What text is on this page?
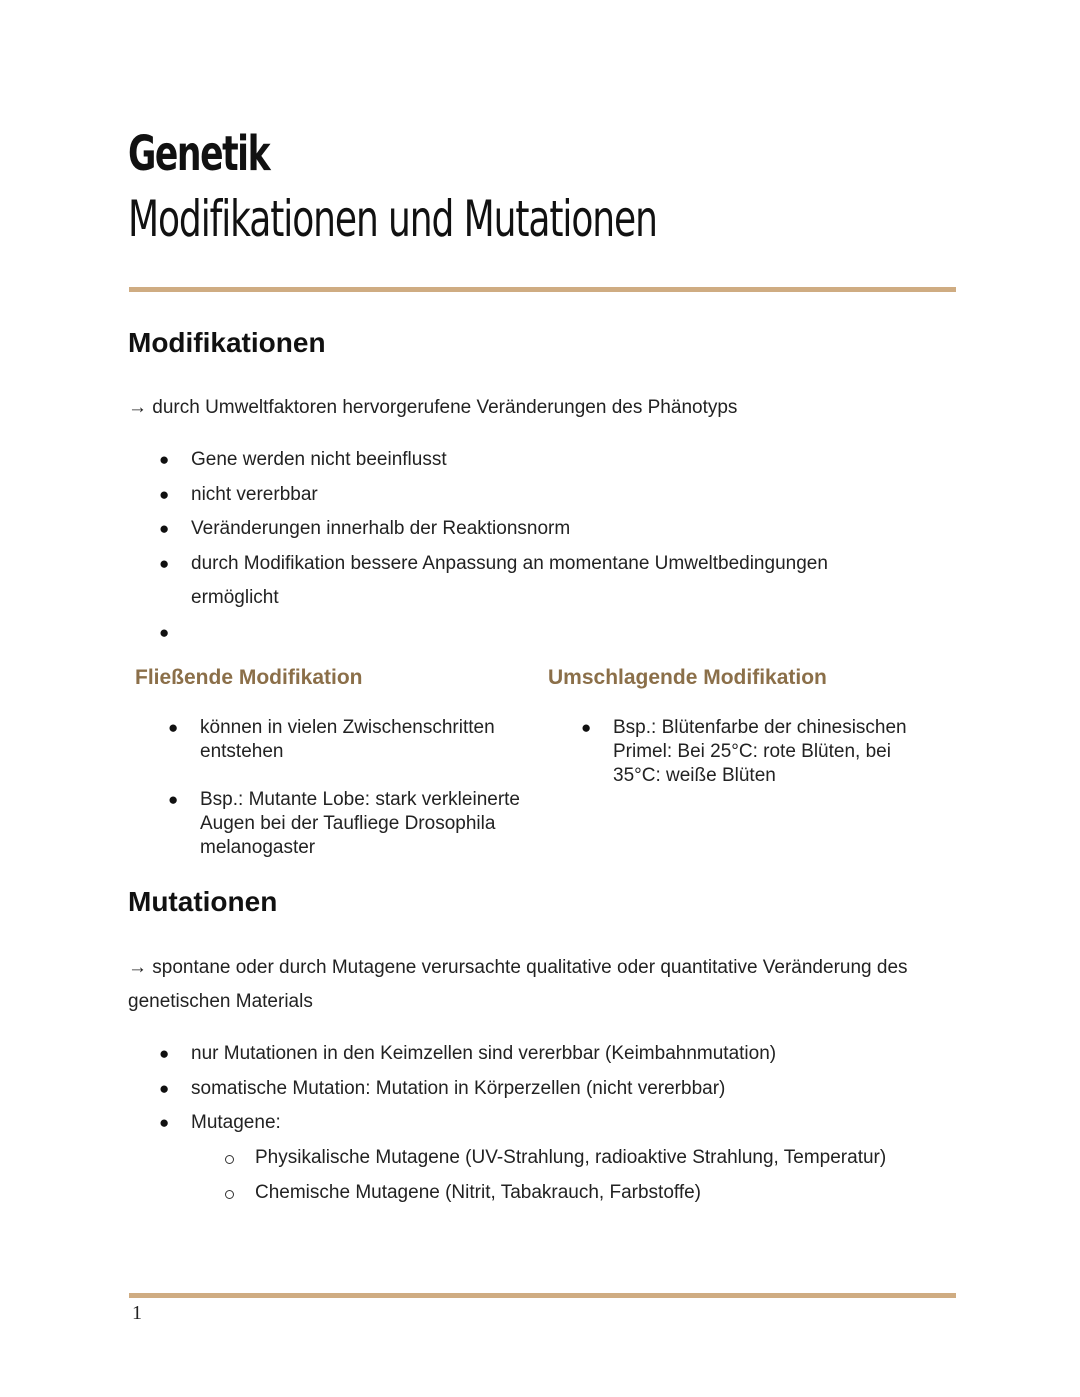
Genetik
Modifikationen und Mutationen
Modifikationen

→ durch Umweltfaktoren hervorgerufene Veränderungen des Phänotyps

● Gene werden nicht beeinflusst
● nicht vererbbar
● Veränderungen innerhalb der Reaktionsnorm
● durch Modifikation bessere Anpassung an momentane Umweltbedingungen ermöglicht
●
Fließende Modifikation
● können in vielen Zwischenschritten entstehen
● Bsp.: Mutante Lobe: stark verkleinerte Augen bei der Taufliege Drosophila melanogaster
Umschlagende Modifikation
● Bsp.: Blütenfarbe der chinesischen Primel: Bei 25°C: rote Blüten, bei 35°C: weiße Blüten
Mutationen

→ spontane oder durch Mutagene verursachte qualitative oder quantitative Veränderung des genetischen Materials

● nur Mutationen in den Keimzellen sind vererbbar (Keimbahnmutation)
● somatische Mutation: Mutation in Körperzellen (nicht vererbbar)
● Mutagene:
Physikalische Mutagene (UV-Strahlung, radioaktive Strahlung, Temperatur)
Chemische Mutagene (Nitrit, Tabakrauch, Farbstoffe)
1
